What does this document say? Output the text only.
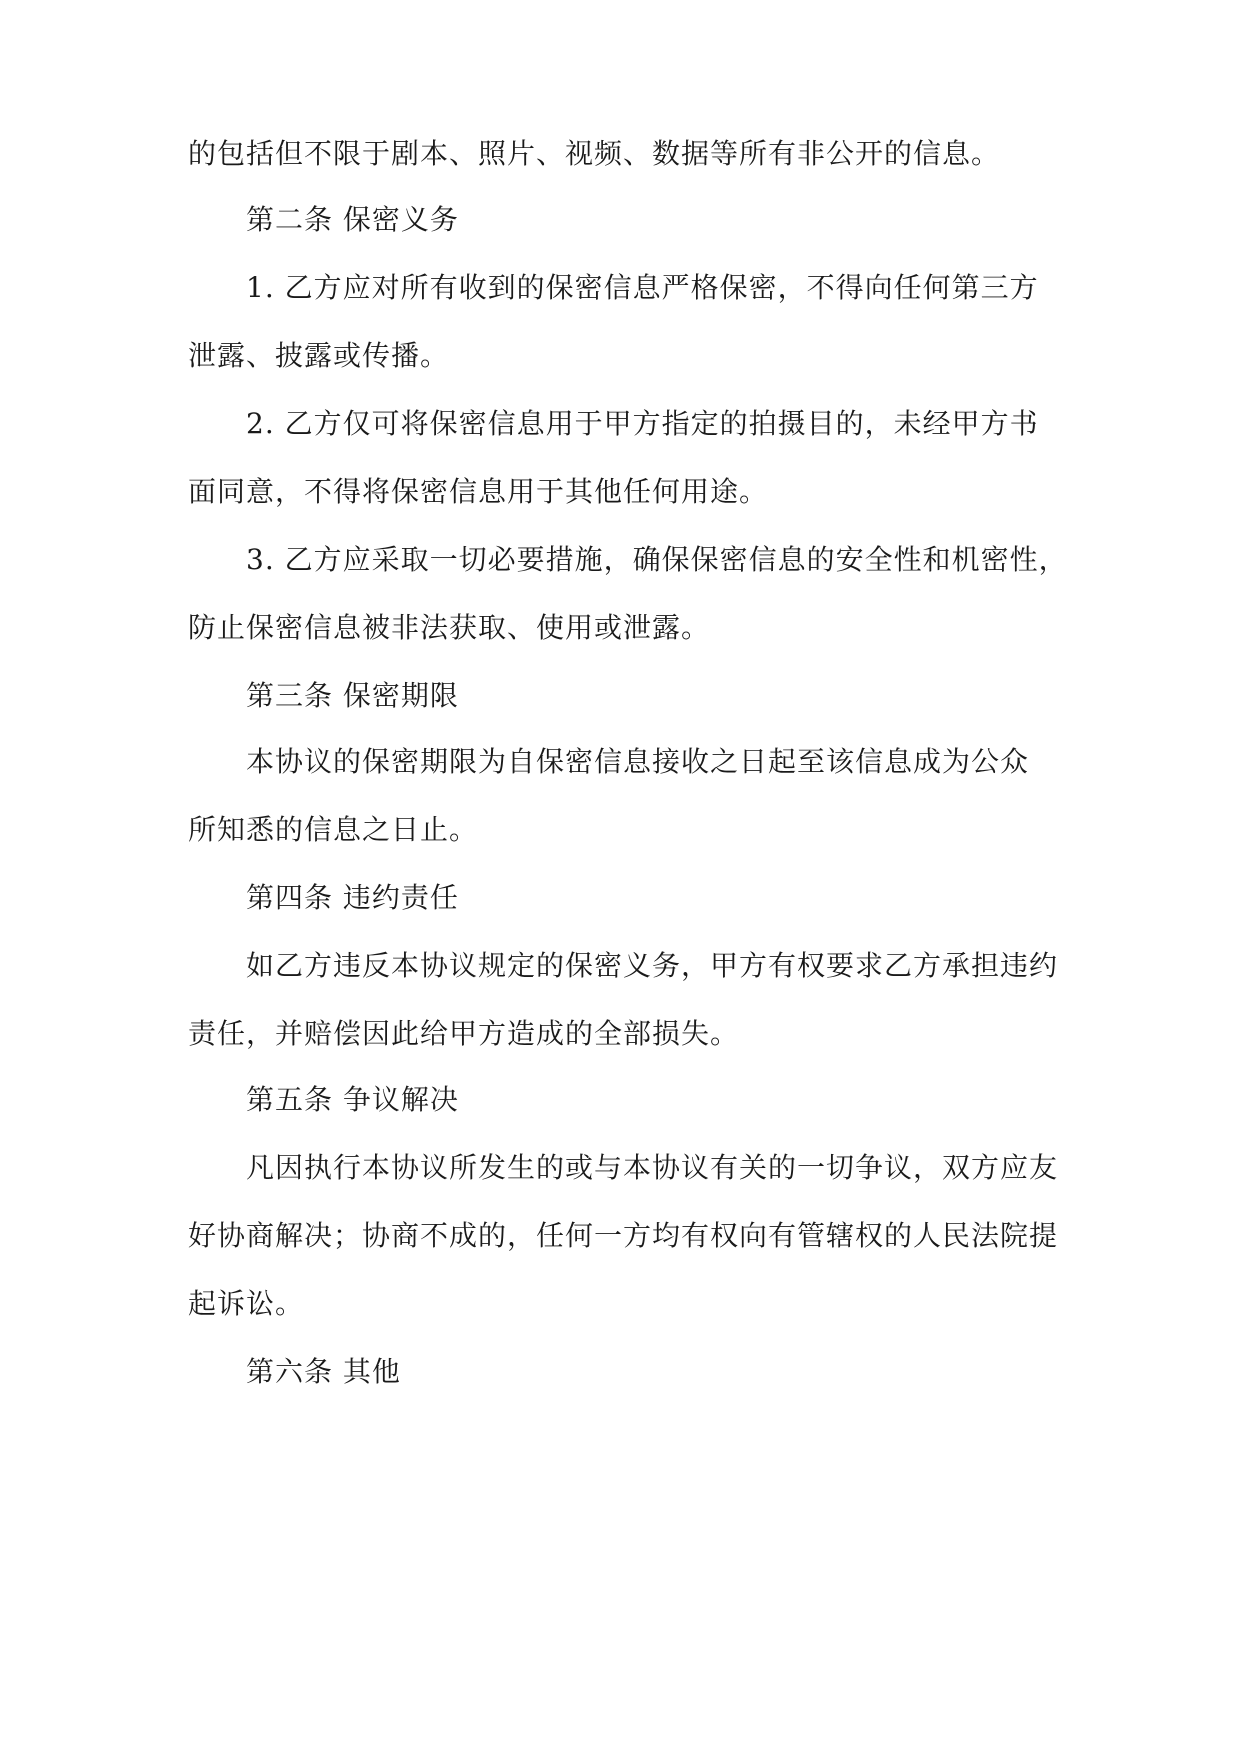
的包括但不限于剧本、照片、视频、数据等所有非公开的信息。
第二条 保密义务
1. 乙方应对所有收到的保密信息严格保密，不得向任何第三方
泄露、披露或传播。
2. 乙方仅可将保密信息用于甲方指定的拍摄目的，未经甲方书
面同意，不得将保密信息用于其他任何用途。
3. 乙方应采取一切必要措施，确保保密信息的安全性和机密性，
防止保密信息被非法获取、使用或泄露。
第三条 保密期限
本协议的保密期限为自保密信息接收之日起至该信息成为公众
所知悉的信息之日止。
第四条 违约责任
如乙方违反本协议规定的保密义务，甲方有权要求乙方承担违约
责任，并赔偿因此给甲方造成的全部损失。
第五条 争议解决
凡因执行本协议所发生的或与本协议有关的一切争议，双方应友
好协商解决；协商不成的，任何一方均有权向有管辖权的人民法院提
起诉讼。
第六条 其他
